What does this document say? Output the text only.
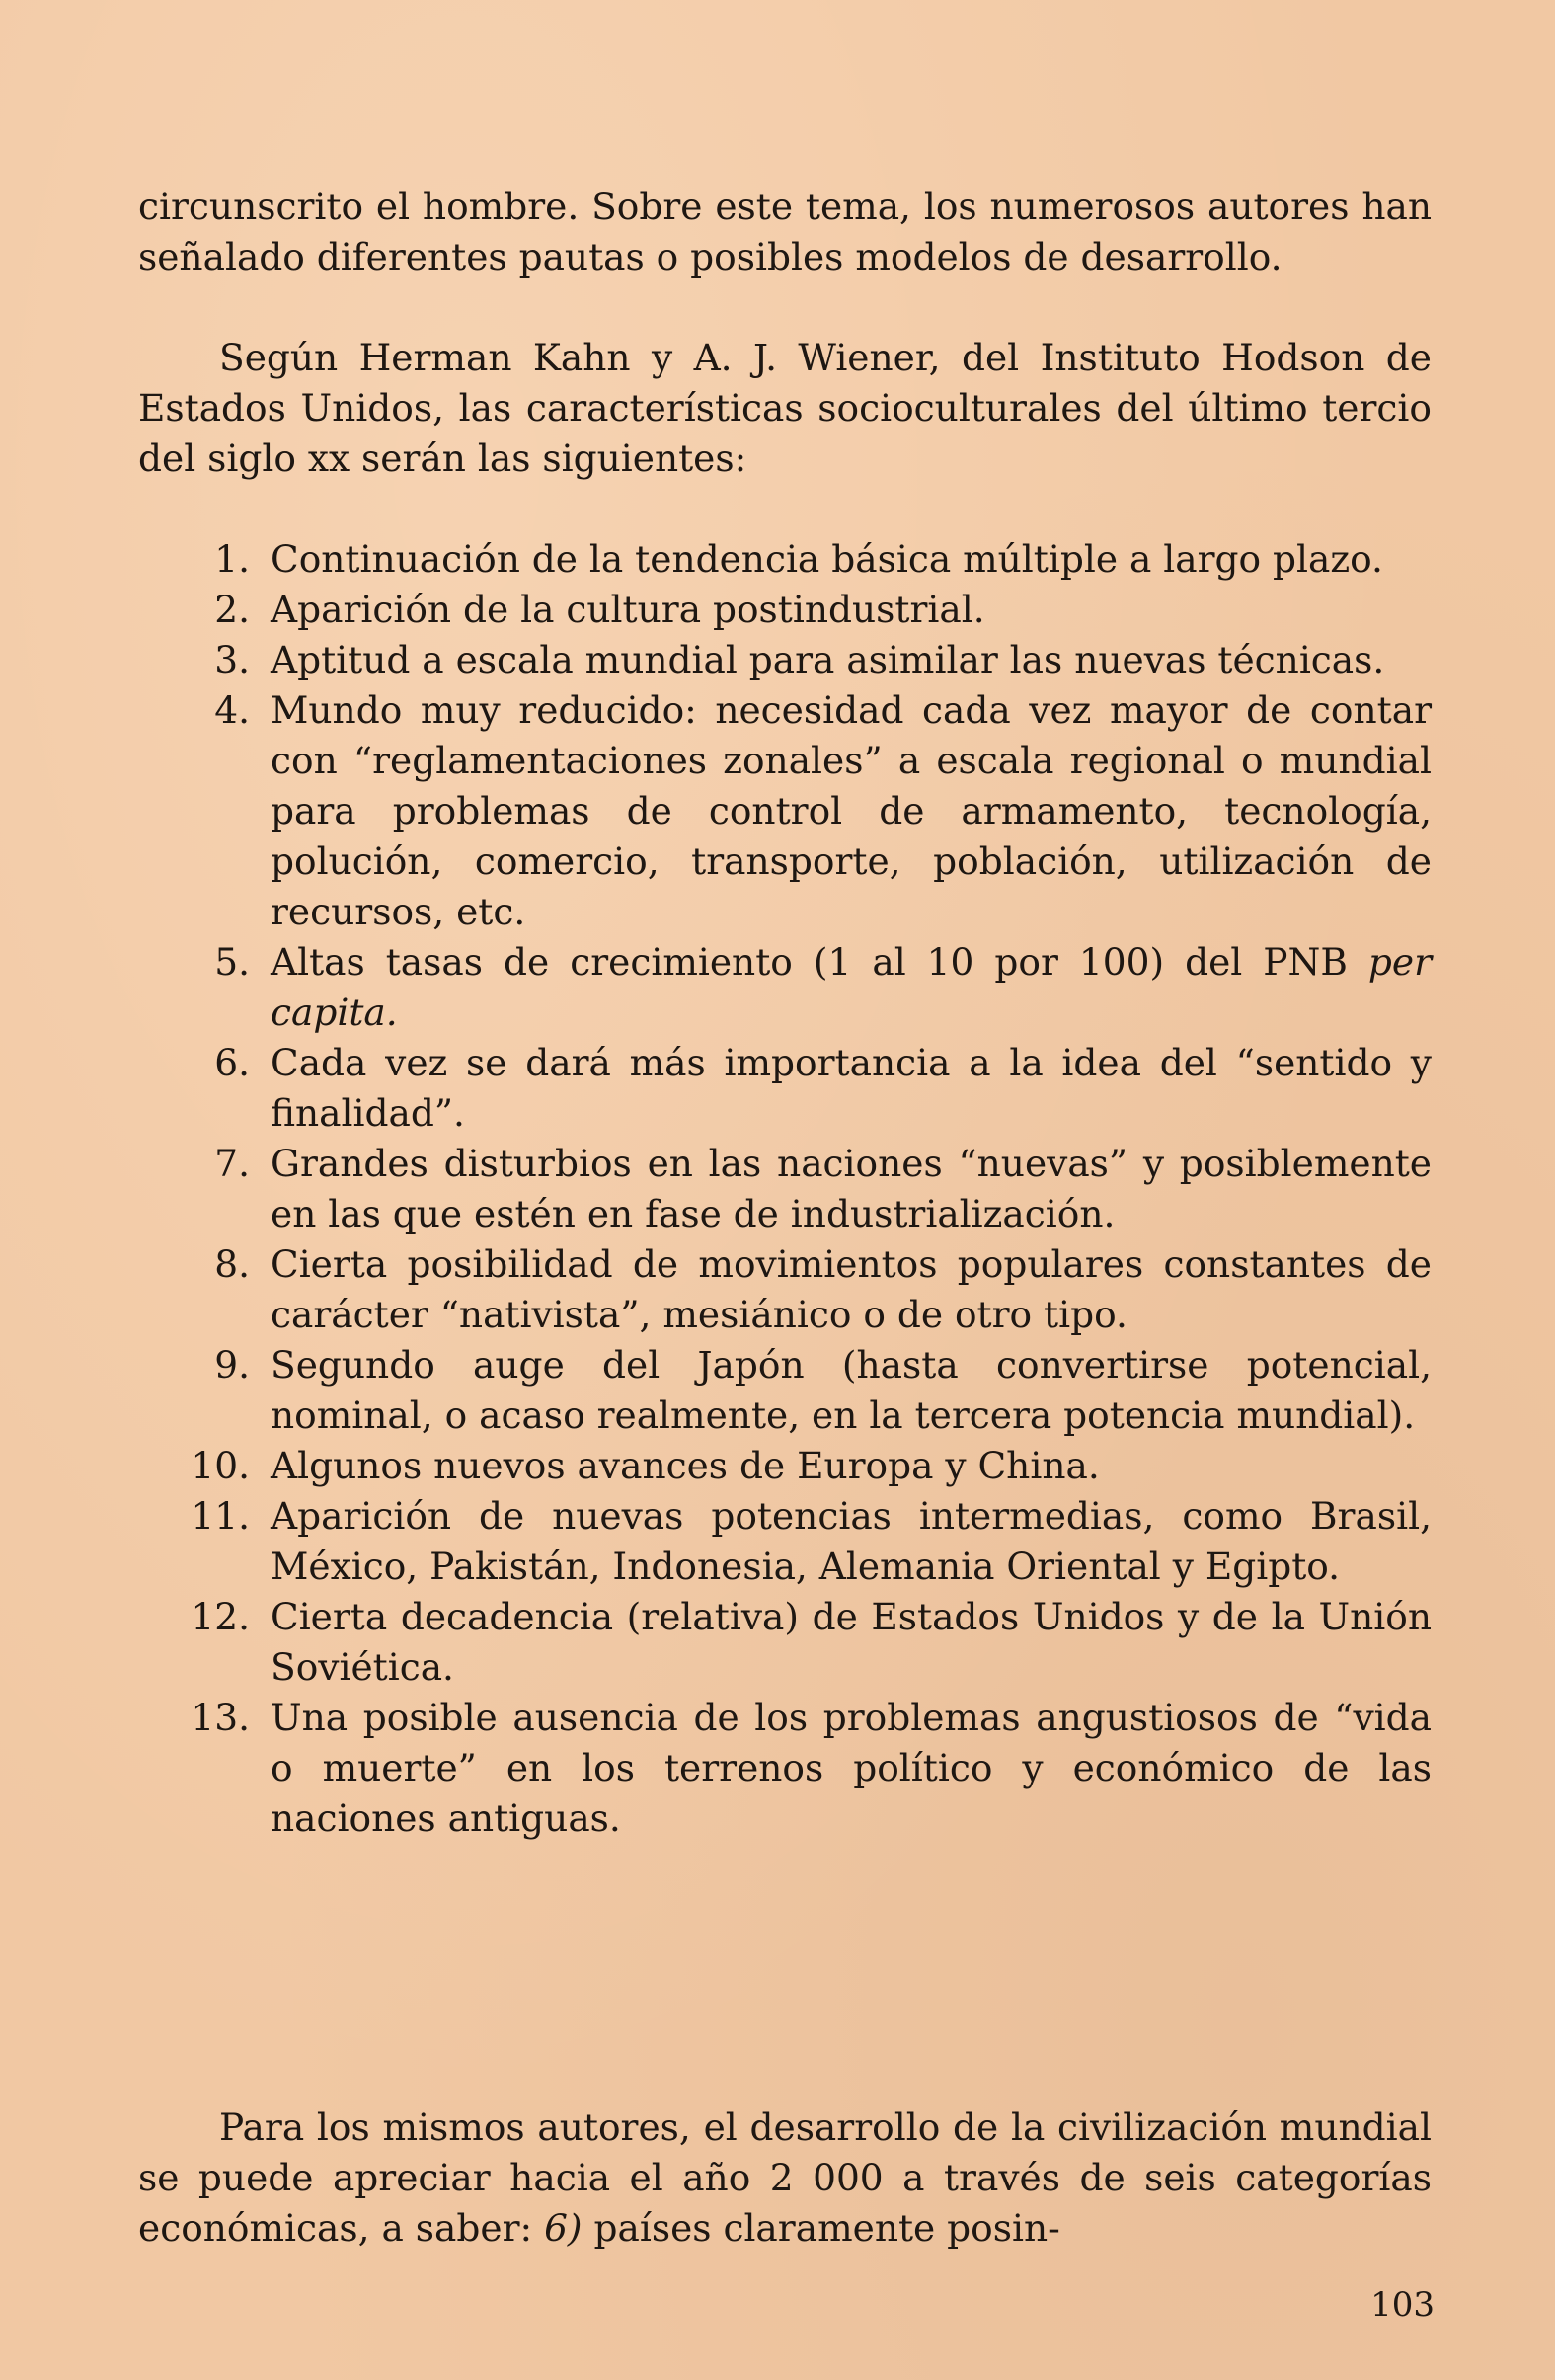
circunscrito el hombre. Sobre este tema, los numerosos autores han señalado diferentes pautas o posibles modelos de desarrollo.

Según Herman Kahn y A. J. Wiener, del Instituto Hodson de Estados Unidos, las características socioculturales del último tercio del siglo xx serán las siguientes:

1. Continuación de la tendencia básica múltiple a largo plazo.
2. Aparición de la cultura postindustrial.
3. Aptitud a escala mundial para asimilar las nuevas técnicas.
4. Mundo muy reducido: necesidad cada vez mayor de contar con “reglamentaciones zonales” a escala regional o mundial para problemas de control de armamento, tecnología, polución, comercio, transporte, población, utilización de recursos, etc.
5. Altas tasas de crecimiento (1 al 10 por 100) del PNB per capita.
6. Cada vez se dará más importancia a la idea del “sentido y finalidad”.
7. Grandes disturbios en las naciones “nuevas” y posiblemente en las que estén en fase de industrialización.
8. Cierta posibilidad de movimientos populares constantes de carácter “nativista”, mesiánico o de otro tipo.
9. Segundo auge del Japón (hasta convertirse potencial, nominal, o acaso realmente, en la tercera potencia mundial).
10. Algunos nuevos avances de Europa y China.
11. Aparición de nuevas potencias intermedias, como Brasil, México, Pakistán, Indonesia, Alemania Oriental y Egipto.
12. Cierta decadencia (relativa) de Estados Unidos y de la Unión Soviética.
13. Una posible ausencia de los problemas angustiosos de “vida o muerte” en los terrenos político y económico de las naciones antiguas.

Para los mismos autores, el desarrollo de la civilización mundial se puede apreciar hacia el año 2 000 a través de seis categorías económicas, a saber: 6) países claramente posin-

103
